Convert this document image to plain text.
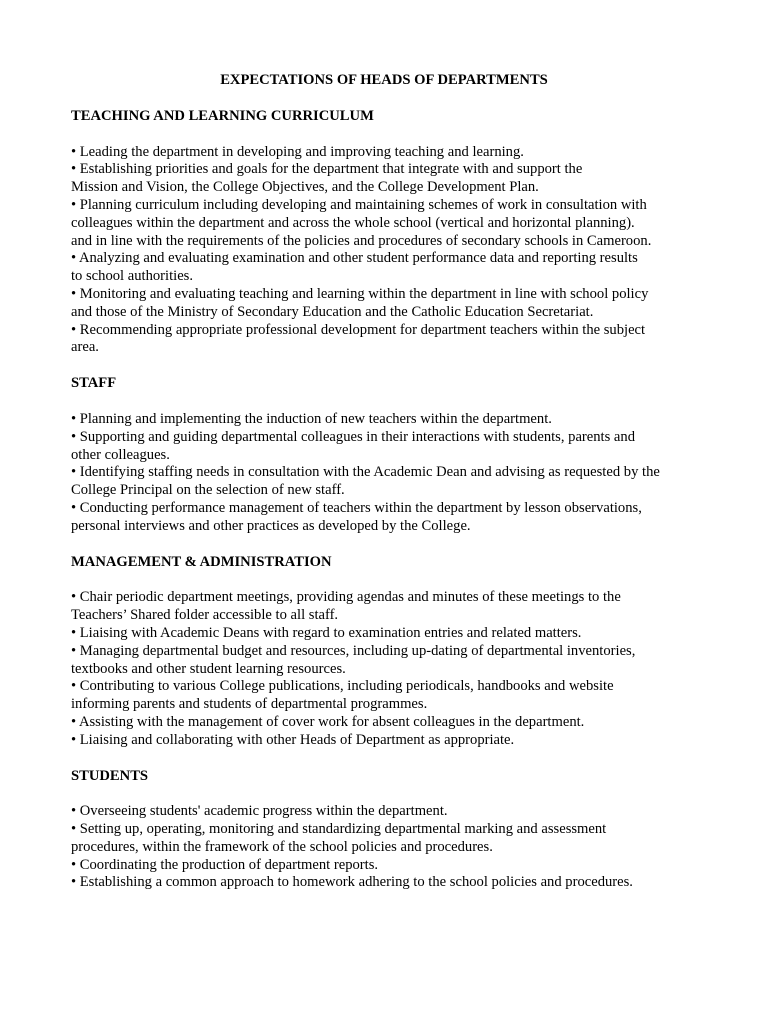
EXPECTATIONS OF HEADS OF DEPARTMENTS
TEACHING AND LEARNING CURRICULUM
• Leading the department in developing and improving teaching and learning.
• Establishing priorities and goals for the department that integrate with and support the
Mission and Vision, the College Objectives, and the College Development Plan.
• Planning curriculum including developing and maintaining schemes of work in consultation with
colleagues within the department and across the whole school (vertical and horizontal planning).
and in line with the requirements of the policies and procedures of secondary schools in Cameroon.
• Analyzing and evaluating examination and other student performance data and reporting results
to school authorities.
• Monitoring and evaluating teaching and learning within the department in line with school policy
and those of the Ministry of Secondary Education and the Catholic Education Secretariat.
• Recommending appropriate professional development for department teachers within the subject
area.
STAFF
• Planning and implementing the induction of new teachers within the department.
• Supporting and guiding departmental colleagues in their interactions with students, parents and
other colleagues.
• Identifying staffing needs in consultation with the Academic Dean and advising as requested by the
College Principal on the selection of new staff.
• Conducting performance management of teachers within the department by lesson observations,
personal interviews and other practices as developed by the College.
MANAGEMENT & ADMINISTRATION
• Chair periodic department meetings, providing agendas and minutes of these meetings to the
Teachers’ Shared folder accessible to all staff.
• Liaising with Academic Deans with regard to examination entries and related matters.
• Managing departmental budget and resources, including up-dating of departmental inventories,
textbooks and other student learning resources.
• Contributing to various College publications, including periodicals, handbooks and website
informing parents and students of departmental programmes.
• Assisting with the management of cover work for absent colleagues in the department.
• Liaising and collaborating with other Heads of Department as appropriate.
STUDENTS
• Overseeing students' academic progress within the department.
• Setting up, operating, monitoring and standardizing departmental marking and assessment
procedures, within the framework of the school policies and procedures.
• Coordinating the production of department reports.
• Establishing a common approach to homework adhering to the school policies and procedures.
